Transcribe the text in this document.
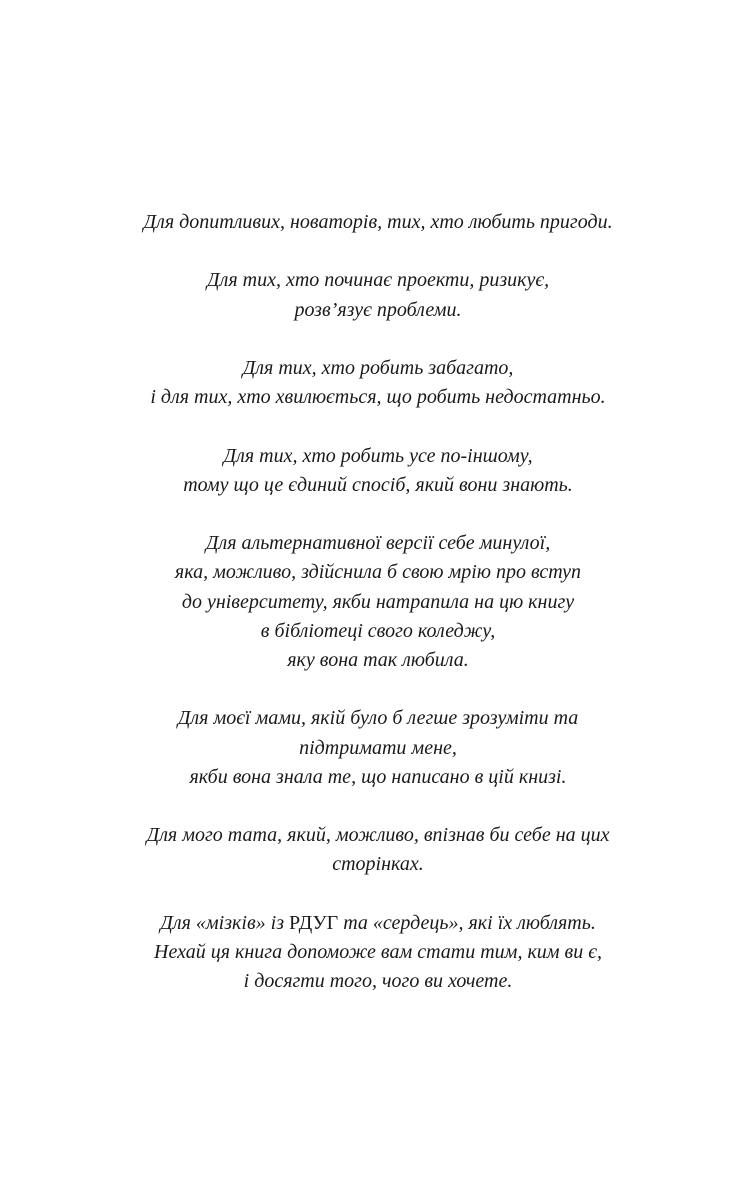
Для допитливих, новаторів, тих, хто любить пригоди.

Для тих, хто починає проекти, ризикує,
розв’язує проблеми.

Для тих, хто робить забагато,
і для тих, хто хвилюється, що робить недостатньо.

Для тих, хто робить усе по-іншому,
тому що це єдиний спосіб, який вони знають.

Для альтернативної версії себе минулої,
яка, можливо, здійснила б свою мрію про вступ
до університету, якби натрапила на цю книгу
в бібліотеці свого коледжу,
яку вона так любила.

Для моєї мами, якій було б легше зрозуміти та
підтримати мене,
якби вона знала те, що написано в цій книзі.

Для мого тата, який, можливо, впізнав би себе на цих
сторінках.

Для «мізків» із РДУГ та «сердець», які їх люблять.
Нехай ця книга допоможе вам стати тим, ким ви є,
і досягти того, чого ви хочете.
